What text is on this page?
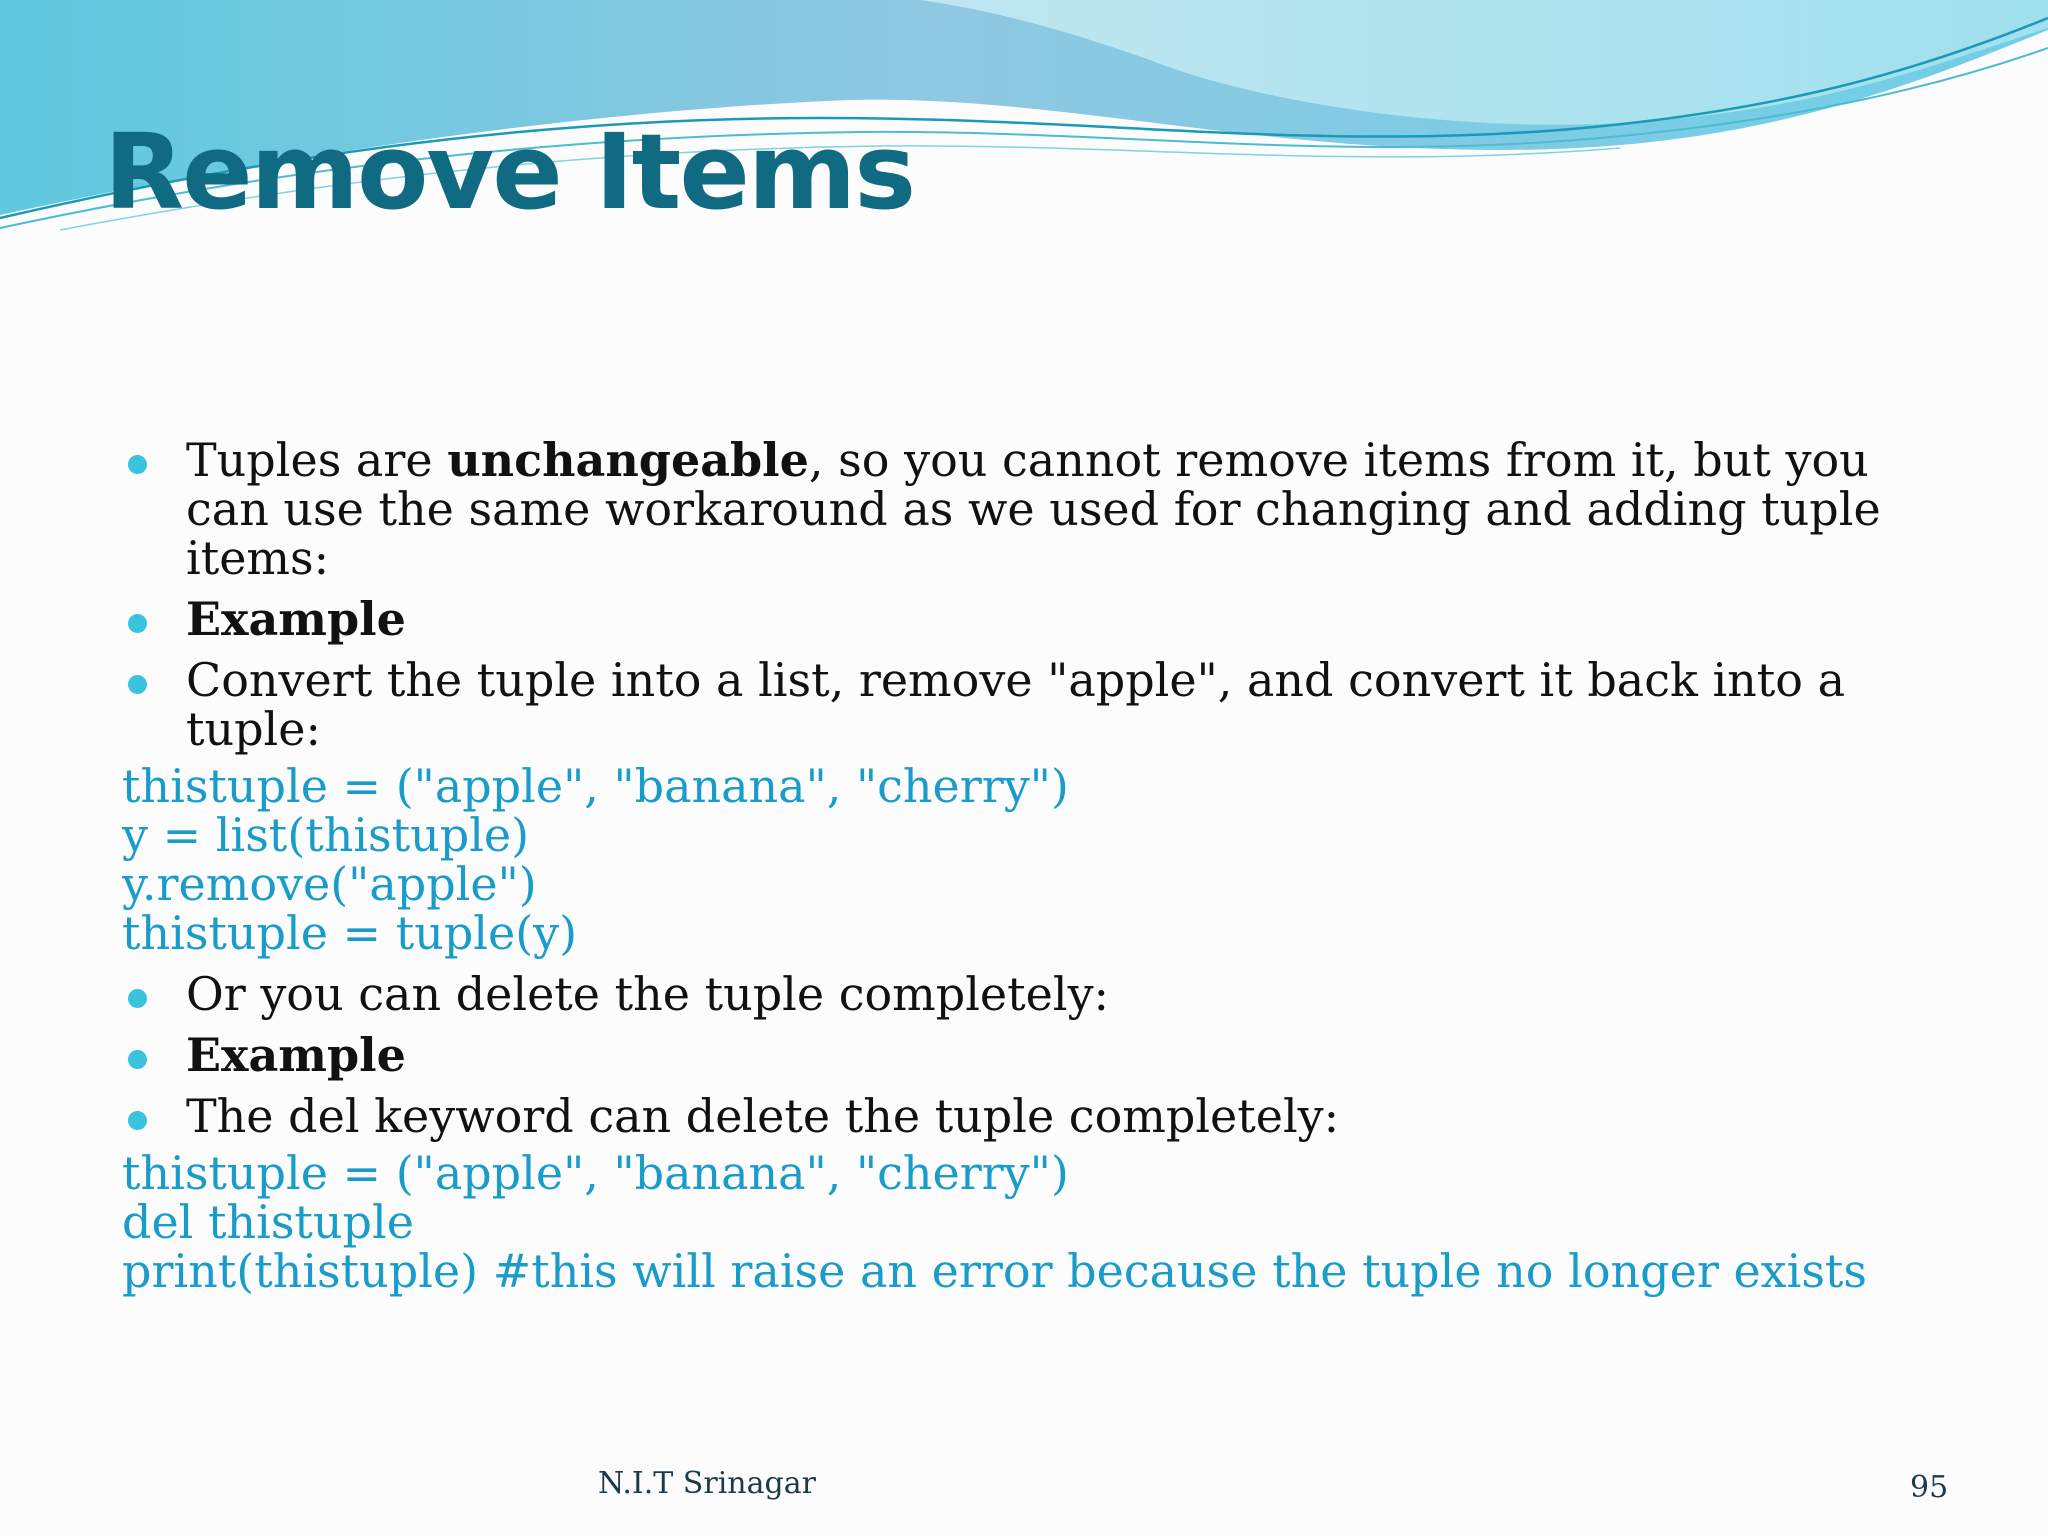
Remove Items
Tuples are unchangeable, so you cannot remove items from it, but you can use the same workaround as we used for changing and adding tuple items:
Example
Convert the tuple into a list, remove "apple", and convert it back into a tuple:
thistuple = ("apple", "banana", "cherry")
y = list(thistuple)
y.remove("apple")
thistuple = tuple(y)
Or you can delete the tuple completely:
Example
The del keyword can delete the tuple completely:
thistuple = ("apple", "banana", "cherry")
del thistuple
print(thistuple) #this will raise an error because the tuple no longer exists
N.I.T Srinagar	95
